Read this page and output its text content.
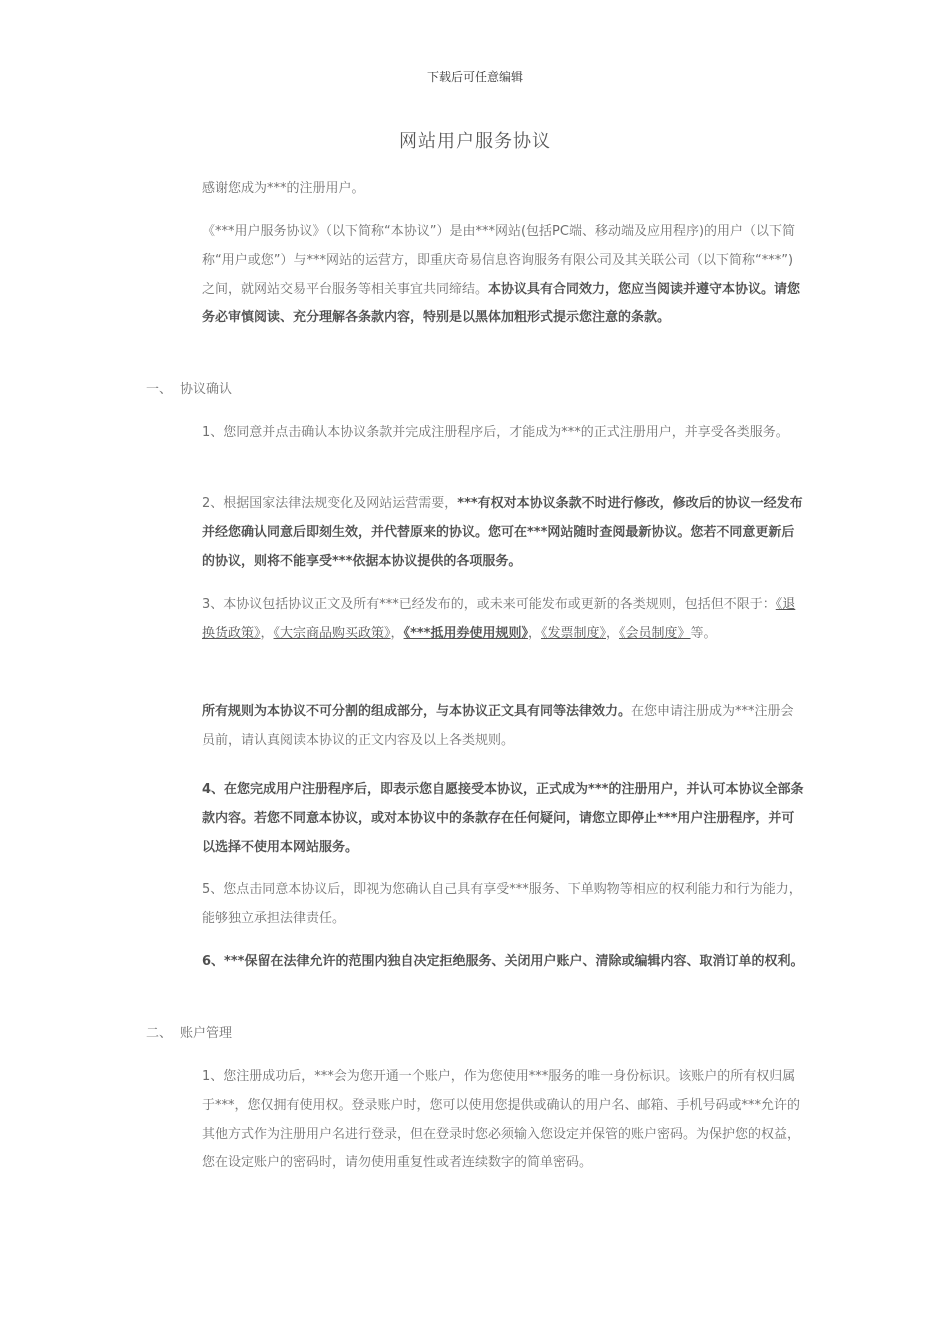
下载后可任意编辑
网站用户服务协议

感谢您成为***的注册用户。

《***用户服务协议》（以下简称“本协议”）是由***网站(包括PC端、移动端及应用程序)的用户（以下简称“用户或您”）与***网站的运营方，即重庆奇易信息咨询服务有限公司及其关联公司（以下简称“***”)之间，就网站交易平台服务等相关事宜共同缔结。本协议具有合同效力，您应当阅读并遵守本协议。请您务必审慎阅读、充分理解各条款内容，特别是以黑体加粗形式提示您注意的条款。

一、 协议确认

1、您同意并点击确认本协议条款并完成注册程序后，才能成为***的正式注册用户，并享受各类服务。

2、根据国家法律法规变化及网站运营需要，***有权对本协议条款不时进行修改，修改后的协议一经发布并经您确认同意后即刻生效，并代替原来的协议。您可在***网站随时查阅最新协议。您若不同意更新后的协议，则将不能享受***依据本协议提供的各项服务。

3、本协议包括协议正文及所有***已经发布的，或未来可能发布或更新的各类规则，包括但不限于：《退换货政策》，《大宗商品购买政策》，《***抵用券使用规则》，《发票制度》，《会员制度》等。

所有规则为本协议不可分割的组成部分，与本协议正文具有同等法律效力。在您申请注册成为***注册会员前，请认真阅读本协议的正文内容及以上各类规则。

4、在您完成用户注册程序后，即表示您自愿接受本协议，正式成为***的注册用户，并认可本协议全部条款内容。若您不同意本协议，或对本协议中的条款存在任何疑问，请您立即停止***用户注册程序，并可以选择不使用本网站服务。

5、您点击同意本协议后，即视为您确认自己具有享受***服务、下单购物等相应的权利能力和行为能力，能够独立承担法律责任。

6、***保留在法律允许的范围内独自决定拒绝服务、关闭用户账户、清除或编辑内容、取消订单的权利。

二、 账户管理

1、您注册成功后，***会为您开通一个账户，作为您使用***服务的唯一身份标识。该账户的所有权归属于***，您仅拥有使用权。登录账户时，您可以使用您提供或确认的用户名、邮箱、手机号码或***允许的其他方式作为注册用户名进行登录，但在登录时您必须输入您设定并保管的账户密码。为保护您的权益，您在设定账户的密码时，请勿使用重复性或者连续数字的简单密码。
